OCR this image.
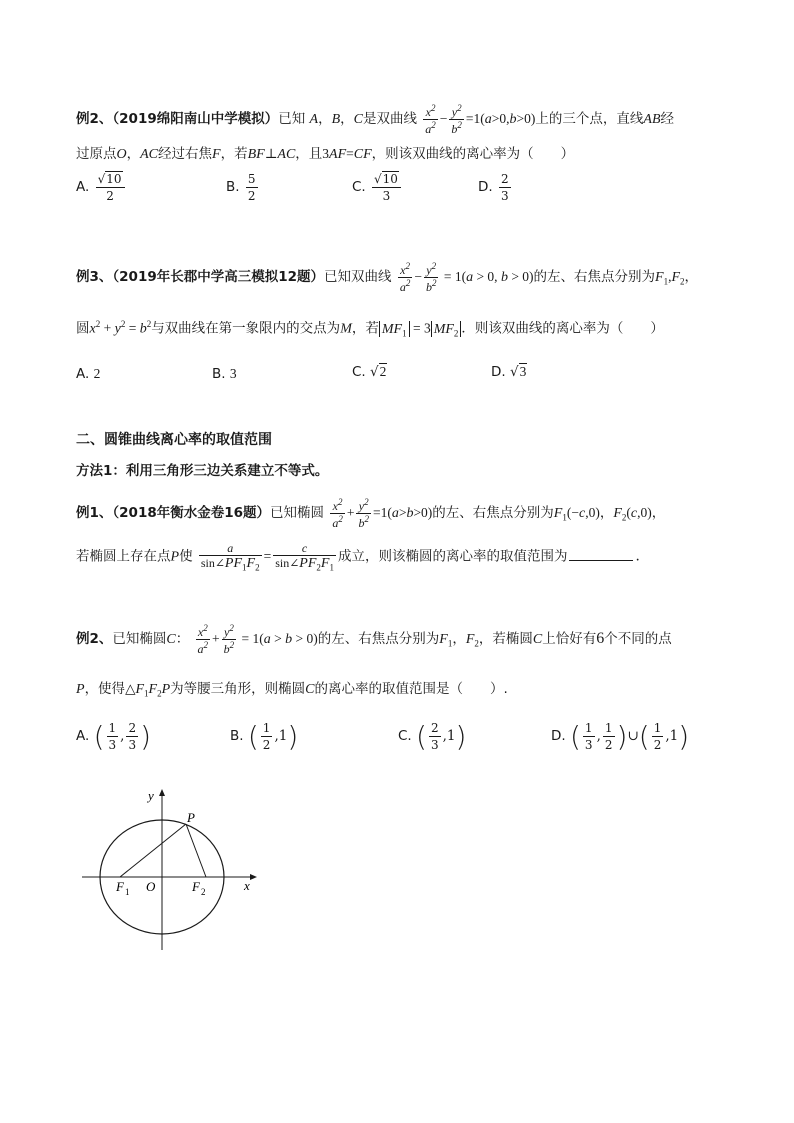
例2、（2019绵阳南山中学模拟）已知 A，B，C是双曲线 $\frac{x^2}{a^2} - \frac{y^2}{b^2} =1(a>0,b>0)$上的三个点，直线AB经
过原点O，AC经过右焦F，若BF⊥AC，且3AF=CF，则该双曲线的离心率为（　　）
A. $\frac{√10}{2}$	B. $\frac{5}{2}$	C. $\frac{√10}{3}$	D. $\frac{2}{3}$
例3、（2019年长郡中学高三模拟12题）已知双曲线 $\frac{x^2}{a^2} - \frac{y^2}{b^2} = 1(a > 0$, b > 0)的左、右焦点分别为$F_1,F_2$，
圆$x^2 + y^2 = b^2$与双曲线在第一象限内的交点为M，若 $MF_1 = 3$ $MF_2$ ．则该双曲线的离心率为（　　）
A. 2	B. 3	C. √2	D. √3
二、圆锥曲线离心率的取值范围
方法1：利用三角形三边关系建立不等式。
例1、（2018年衡水金卷16题）已知椭圆 $\frac{x^2}{a^2} + \frac{y^2}{b^2} =1(a>b>0)$的左、右焦点分别为$F_1(-c,0)$，$F_2(c,0)$，
若椭圆上存在点P使 $\frac{a}{\sin\angle PF_1F_2} = \frac{c}{\sin\angle PF_2F_1}$ 成立，则该椭圆的离心率的取值范围为	.
例2、已知椭圆C： $\frac{x^2}{a^2} + \frac{y^2}{b^2} = 1(a > b > 0)$的左、右焦点分别为$F_1$，$F_2$，若椭圆C上恰好有6个不同的点
P，使得$\triangle F_1F_2P$为等腰三角形，则椭圆C的离心率的取值范围是（　　）.
A. ( $\frac{1}{3}$ , $\frac{2}{3}$ )	B. ( $\frac{1}{2} ,1$)	C. ( $\frac{2}{3} ,1$)	D. ( $\frac{1}{3}$ , $\frac{1}{2}$ )∪( $\frac{1}{2} ,1$)
y
x
P
O
F 1	F 2
